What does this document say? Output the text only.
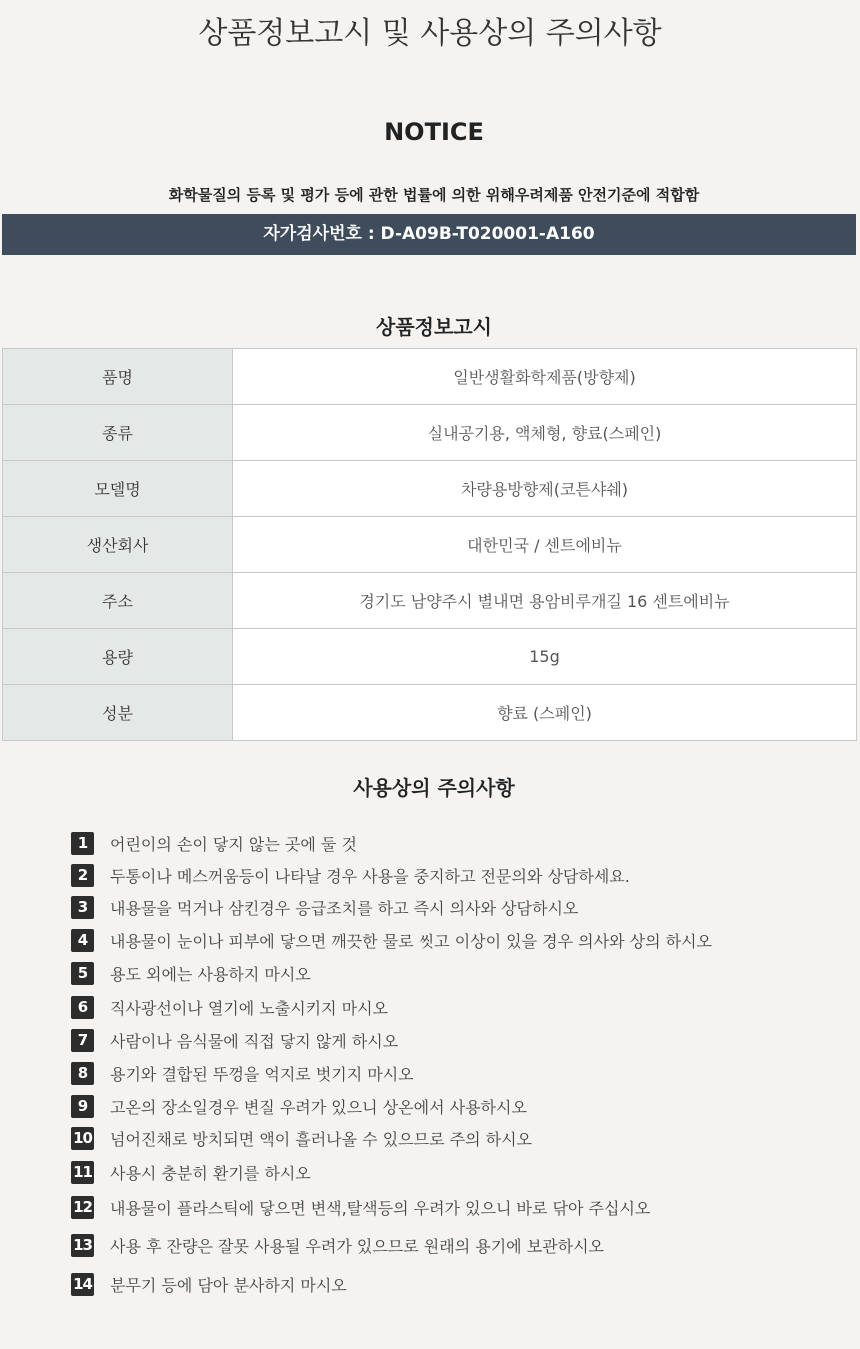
상품정보고시 및 사용상의 주의사항
NOTICE
화학물질의 등록 및 평가 등에 관한 법률에 의한 위해우려제품 안전기준에 적합함
자가검사번호 : D-A09B-T020001-A160
상품정보고시
품명	일반생활화학제품(방향제)
종류	실내공기용, 액체형, 향료(스페인)
모델명	차량용방향제(코튼샤쉐)
생산회사	대한민국 / 센트에비뉴
주소	경기도 남양주시 별내면 용암비루개길 16 센트에비뉴
용량	15g
성분	향료 (스페인)
사용상의 주의사항
1	어린이의 손이 닿지 않는 곳에 둘 것
2	두통이나 메스꺼움등이 나타날 경우 사용을 중지하고 전문의와 상담하세요.
3	내용물을 먹거나 삼킨경우 응급조치를 하고 즉시 의사와 상담하시오
4	내용물이 눈이나 피부에 닿으면 깨끗한 물로 씻고 이상이 있을 경우 의사와 상의 하시오
5	용도 외에는 사용하지 마시오
6	직사광선이나 열기에 노출시키지 마시오
7	사람이나 음식물에 직접 닿지 않게 하시오
8	용기와 결합된 뚜껑을 억지로 벗기지 마시오
9	고온의 장소일경우 변질 우려가 있으니 상온에서 사용하시오
10 넘어진채로 방치되면 액이 흘러나올 수 있으므로 주의 하시오
11 사용시 충분히 환기를 하시오
12 내용물이 플라스틱에 닿으면 변색,탈색등의 우려가 있으니 바로 닦아 주십시오
13 사용 후 잔량은 잘못 사용될 우려가 있으므로 원래의 용기에 보관하시오
14 분무기 등에 담아 분사하지 마시오
